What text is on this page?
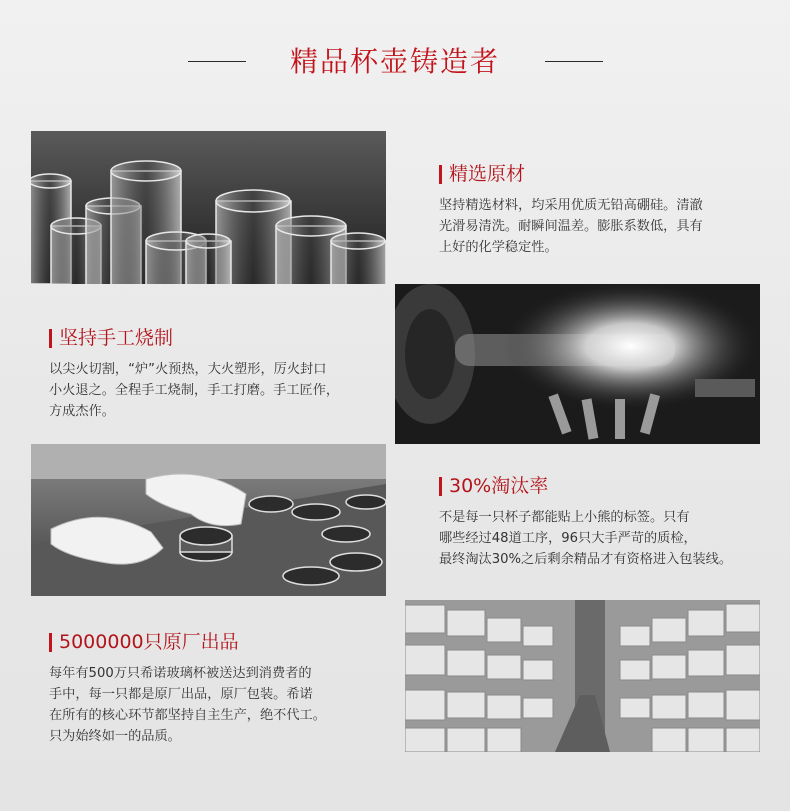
精品杯壶铸造者
精选原材
坚持精选材料，均采用优质无铅高硼硅。清澈
光滑易清洗。耐瞬间温差。膨胀系数低，具有
上好的化学稳定性。
坚持手工烧制
以尖火切割，“炉”火预热，大火塑形，厉火封口
小火退之。全程手工烧制，手工打磨。手工匠作，
方成杰作。
30%淘汰率
不是每一只杯子都能贴上小熊的标签。只有
哪些经过48道工序，96只大手严苛的质检，
最终淘汰30%之后剩余精品才有资格进入包装线。
5000000只原厂出品
每年有500万只希诺玻璃杯被送达到消费者的
手中，每一只都是原厂出品，原厂包装。希诺
在所有的核心环节都坚持自主生产，绝不代工。
只为始终如一的品质。
